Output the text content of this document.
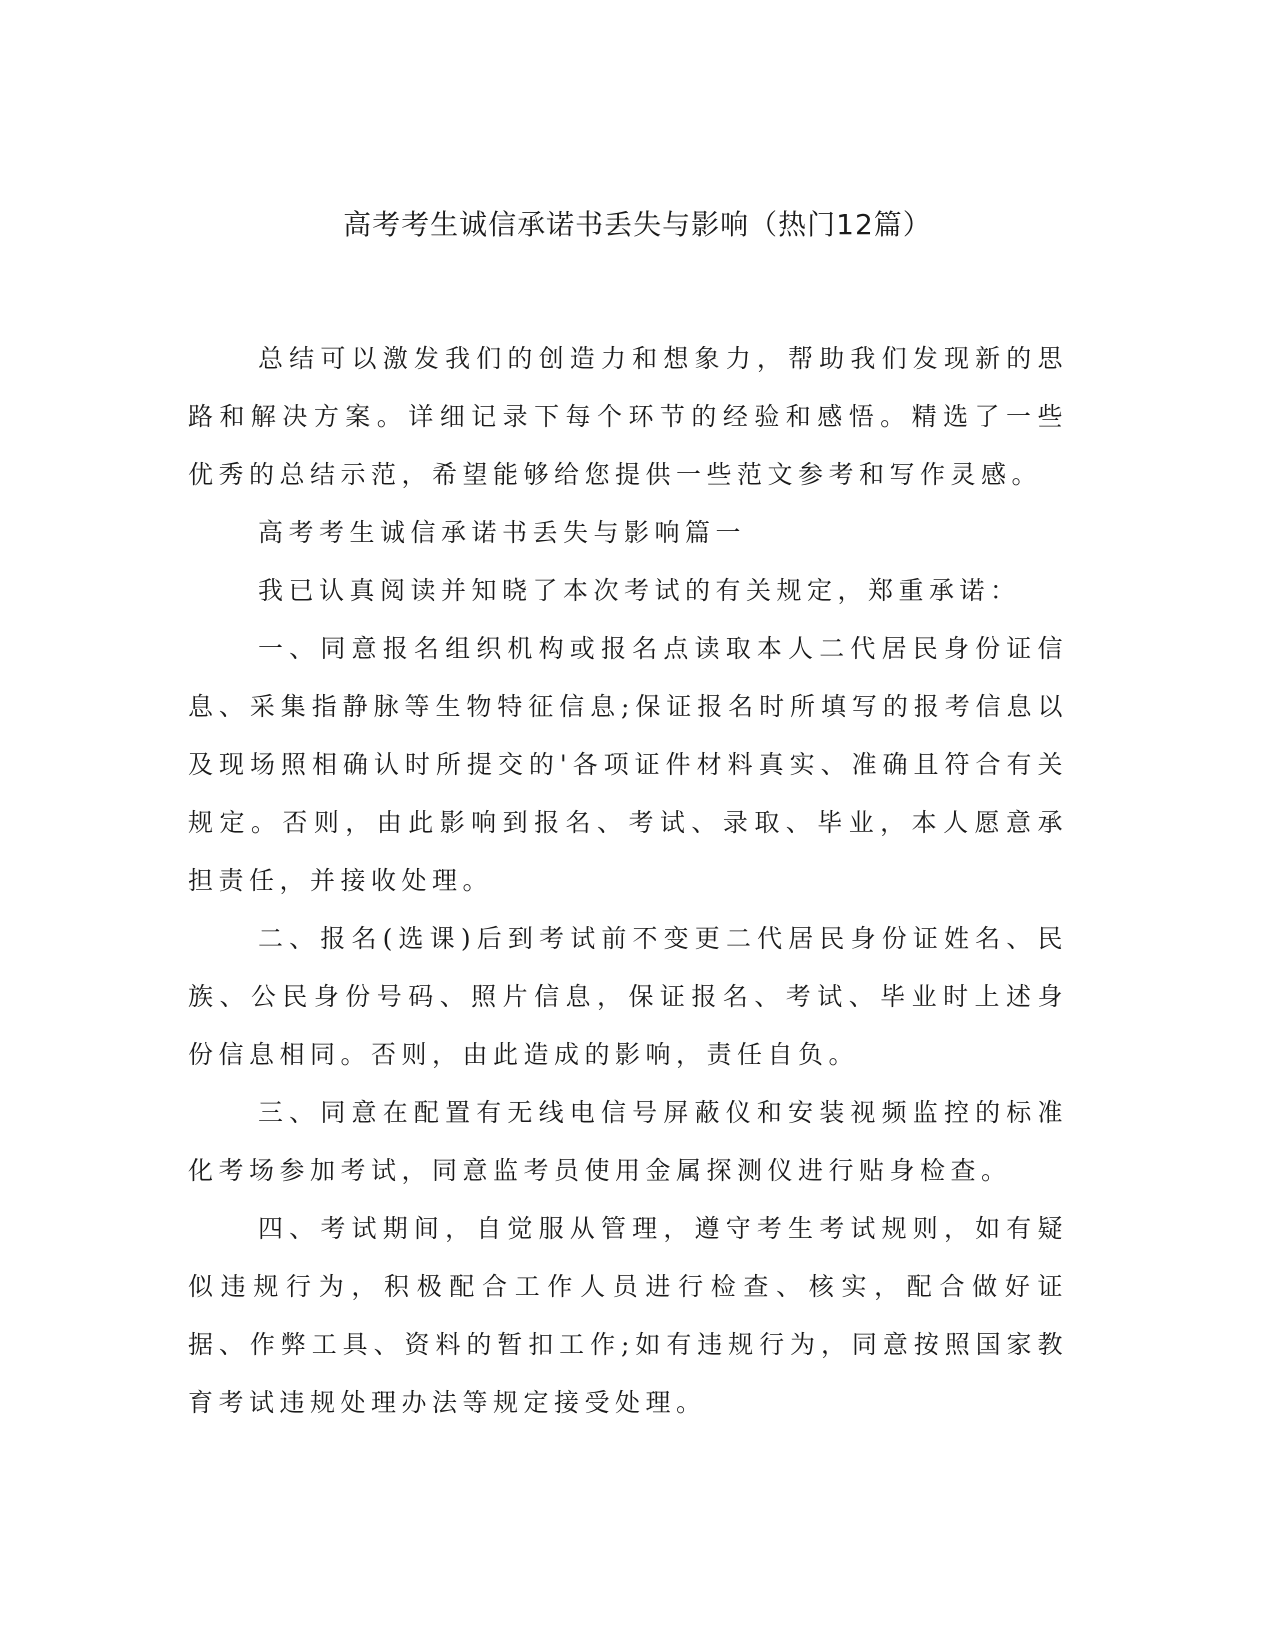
高考考生诚信承诺书丢失与影响（热门12篇）

总结可以激发我们的创造力和想象力，帮助我们发现新的思路和解决方案。详细记录下每个环节的经验和感悟。精选了一些优秀的总结示范，希望能够给您提供一些范文参考和写作灵感。

高考考生诚信承诺书丢失与影响篇一

我已认真阅读并知晓了本次考试的有关规定，郑重承诺：

一、同意报名组织机构或报名点读取本人二代居民身份证信息、采集指静脉等生物特征信息;保证报名时所填写的报考信息以及现场照相确认时所提交的'各项证件材料真实、准确且符合有关规定。否则，由此影响到报名、考试、录取、毕业，本人愿意承担责任，并接收处理。

二、报名(选课)后到考试前不变更二代居民身份证姓名、民族、公民身份号码、照片信息，保证报名、考试、毕业时上述身份信息相同。否则，由此造成的影响，责任自负。

三、同意在配置有无线电信号屏蔽仪和安装视频监控的标准化考场参加考试，同意监考员使用金属探测仪进行贴身检查。

四、考试期间，自觉服从管理，遵守考生考试规则，如有疑似违规行为，积极配合工作人员进行检查、核实，配合做好证据、作弊工具、资料的暂扣工作;如有违规行为，同意按照国家教育考试违规处理办法等规定接受处理。
